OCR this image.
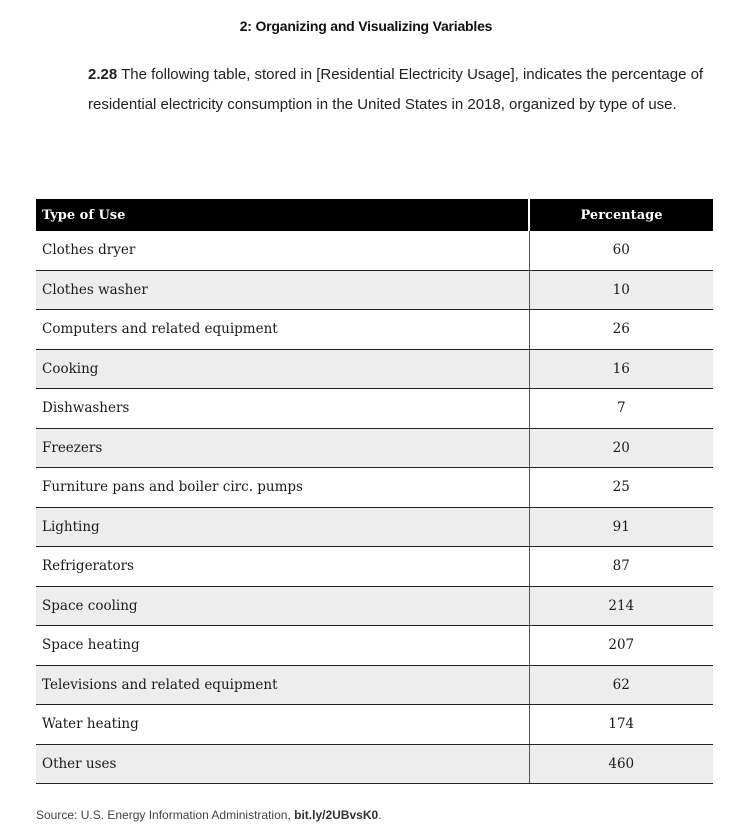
2: Organizing and Visualizing Variables
2.28 The following table, stored in [Residential Electricity Usage], indicates the percentage of residential electricity consumption in the United States in 2018, organized by type of use.
Type of Use	Percentage
Clothes dryer	60
Clothes washer	10
Computers and related equipment	26
Cooking	16
Dishwashers	7
Freezers	20
Furniture pans and boiler circ. pumps	25
Lighting	91
Refrigerators	87
Space cooling	214
Space heating	207
Televisions and related equipment	62
Water heating	174
Other uses	460
Source: U.S. Energy Information Administration, bit.ly/2UBvsK0.
